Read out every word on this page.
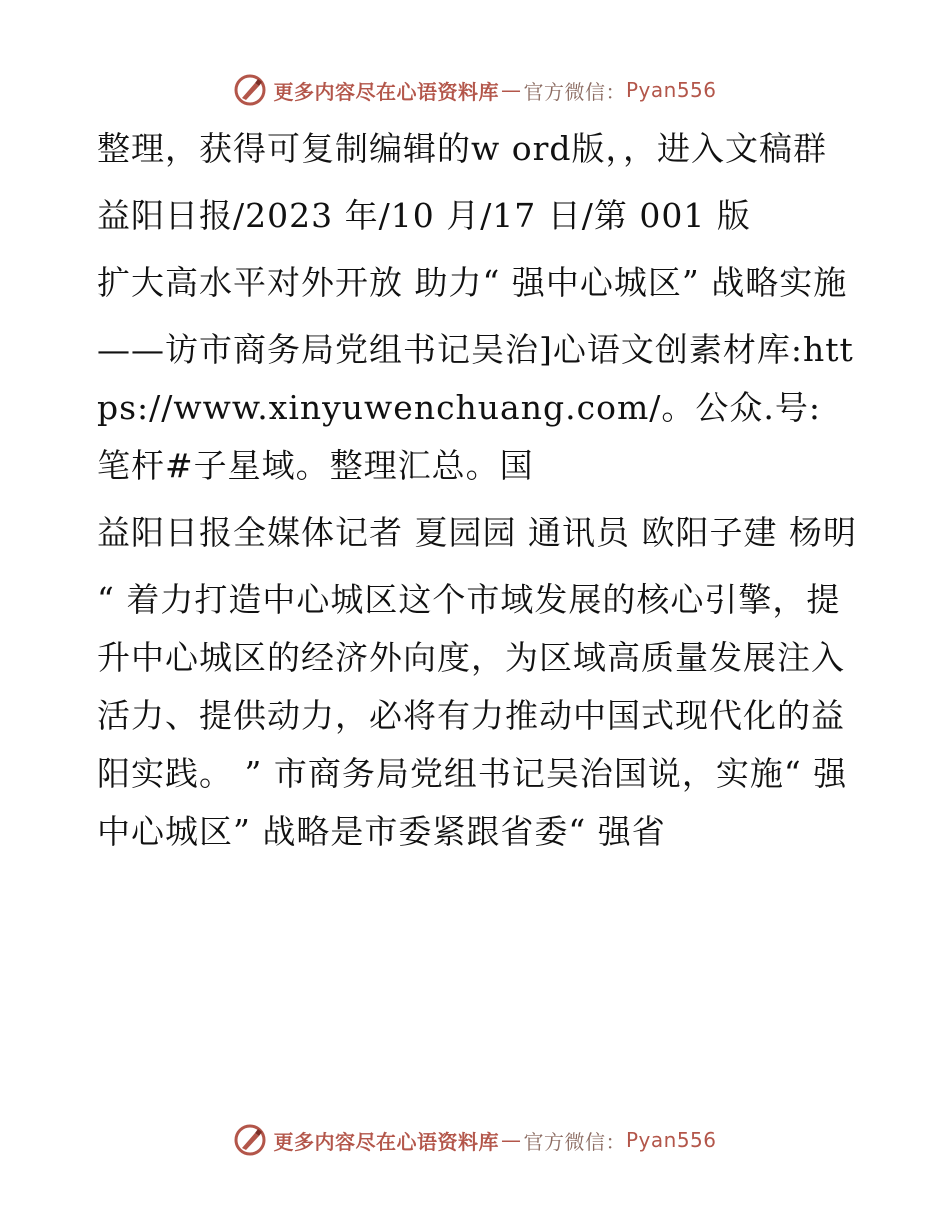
更多内容尽在心语资料库 — 官方微信： Pyan556

整理，获得可复制编辑的w ord版，，进入文稿群

益阳日报/2023 年/10 月/17 日/第 001 版

扩大高水平对外开放 助力“ 强中心城区” 战略实施

——访市商务局党组书记吴治]心语文创素材库:https://www.xinyuwenchuang.com/。公众.号: 笔杆#子星域。整理汇总。国

益阳日报全媒体记者 夏园园 通讯员 欧阳子建 杨明

“ 着力打造中心城区这个市域发展的核心引擎，提升中心城区的经济外向度，为区域高质量发展注入活力、提供动力，必将有力推动中国式现代化的益阳实践。 ” 市商务局党组书记吴治国说，实施“ 强中心城区” 战略是市委紧跟省委“ 强省

更多内容尽在心语资料库 — 官方微信： Pyan556
